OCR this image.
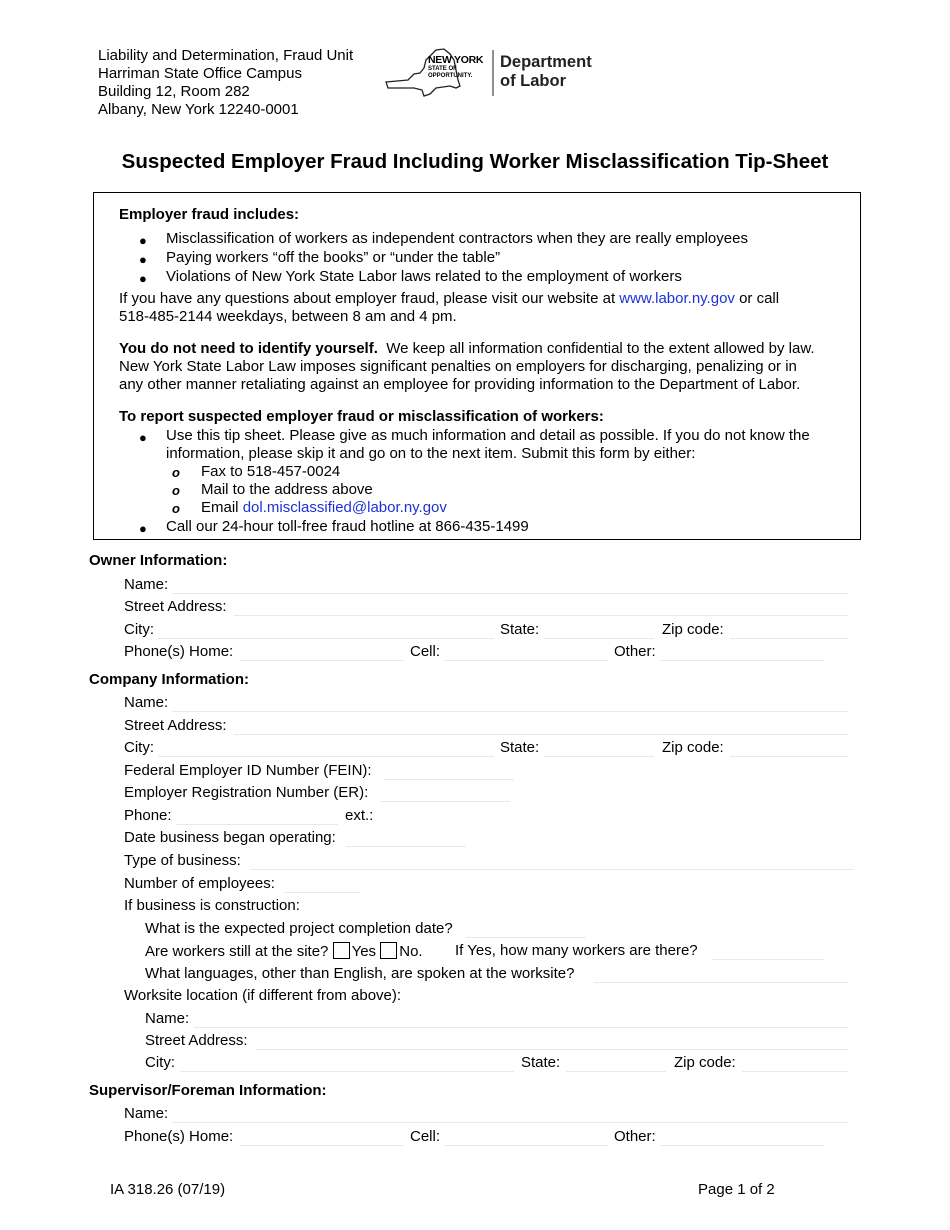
Liability and Determination, Fraud Unit
Harriman State Office Campus
Building 12, Room 282
Albany, New York 12240-0001
NEW YORK
STATE OF
OPPORTUNITY.
Department
of Labor
Suspected Employer Fraud Including Worker Misclassification Tip-Sheet
Employer fraud includes:
● Misclassification of workers as independent contractors when they are really employees
● Paying workers “off the books” or “under the table”
● Violations of New York State Labor laws related to the employment of workers
If you have any questions about employer fraud, please visit our website at www.labor.ny.gov or call
518-485-2144 weekdays, between 8 am and 4 pm.
You do not need to identify yourself.  We keep all information confidential to the extent allowed by law.
New York State Labor Law imposes significant penalties on employers for discharging, penalizing or in
any other manner retaliating against an employee for providing information to the Department of Labor.
To report suspected employer fraud or misclassification of workers:
● Use this tip sheet. Please give as much information and detail as possible. If you do not know the
information, please skip it and go on to the next item. Submit this form by either:
o Fax to 518-457-0024
o Mail to the address above
o Email dol.misclassified@labor.ny.gov
● Call our 24-hour toll-free fraud hotline at 866-435-1499
Owner Information:
Name:
Street Address:
City:	State:	Zip code:
Phone(s) Home:	Cell:	Other:
Company Information:
Name:
Street Address:
City:	State:	Zip code:
Federal Employer ID Number (FEIN):
Employer Registration Number (ER):
Phone:	ext.:
Date business began operating:
Type of business:
Number of employees:
If business is construction:
What is the expected project completion date?
Are workers still at the site? Yes No. If Yes, how many workers are there?
What languages, other than English, are spoken at the worksite?
Worksite location (if different from above):
Name:
Street Address:
City:	State:	Zip code:
Supervisor/Foreman Information:
Name:
Phone(s) Home:	Cell:	Other:
IA 318.26 (07/19)	Page 1 of 2
